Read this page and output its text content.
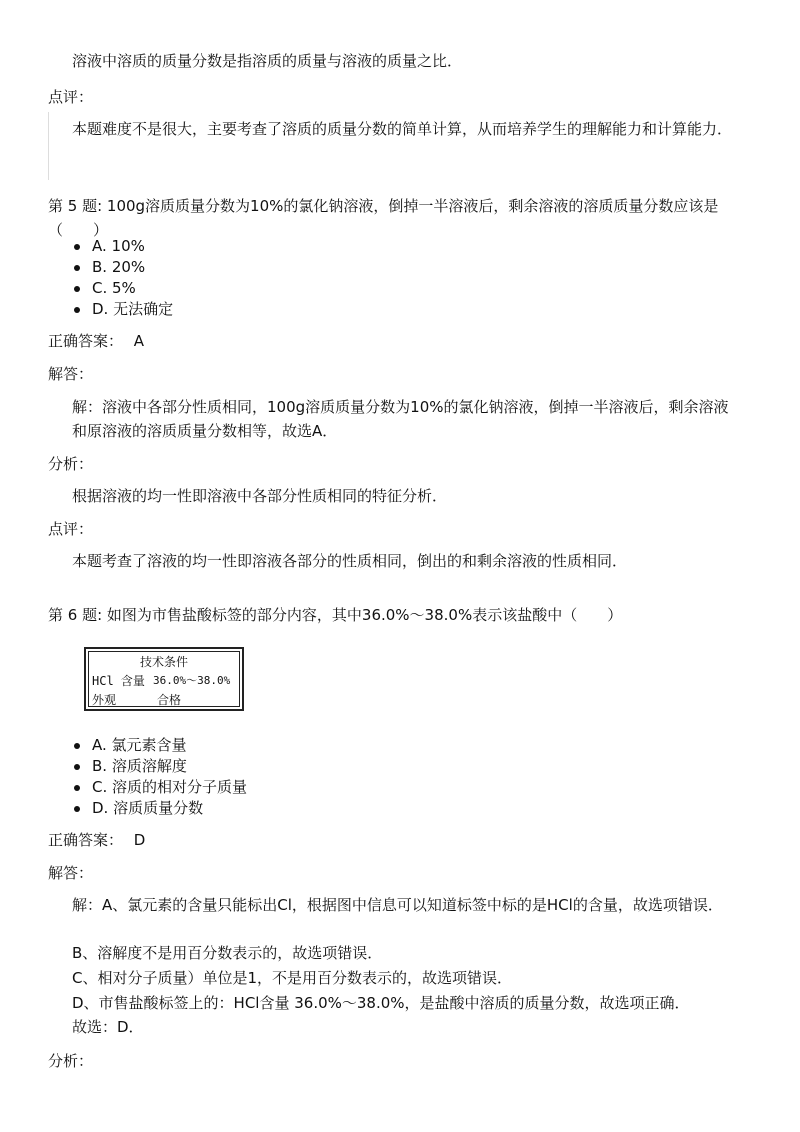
溶液中溶质的质量分数是指溶质的质量与溶液的质量之比．
点评：
本题难度不是很大，主要考查了溶质的质量分数的简单计算，从而培养学生的理解能力和计算能力．
第 5 题: 100g溶质质量分数为10%的氯化钠溶液，倒掉一半溶液后，剩余溶液的溶质质量分数应该是（　　）
A. 10%
B. 20%
C. 5%
D. 无法确定
正确答案： A
解答：
解：溶液中各部分性质相同，100g溶质质量分数为10%的氯化钠溶液，倒掉一半溶液后，剩余溶液和原溶液的溶质质量分数相等，故选A．
分析：
根据溶液的均一性即溶液中各部分性质相同的特征分析．
点评：
本题考查了溶液的均一性即溶液各部分的性质相同，倒出的和剩余溶液的性质相同．
第 6 题: 如图为市售盐酸标签的部分内容，其中36.0%～38.0%表示该盐酸中（　　）
技术条件
HCl 含量 36.0%～38.0%
外观	合格
A. 氯元素含量
B. 溶质溶解度
C. 溶质的相对分子质量
D. 溶质质量分数
正确答案： D
解答：
解：A、氯元素的含量只能标出Cl，根据图中信息可以知道标签中标的是HCl的含量，故选项错误．
B、溶解度不是用百分数表示的，故选项错误．
C、相对分子质量）单位是1，不是用百分数表示的，故选项错误．
D、市售盐酸标签上的：HCl含量 36.0%～38.0%，是盐酸中溶质的质量分数，故选项正确．
故选：D．
分析：
